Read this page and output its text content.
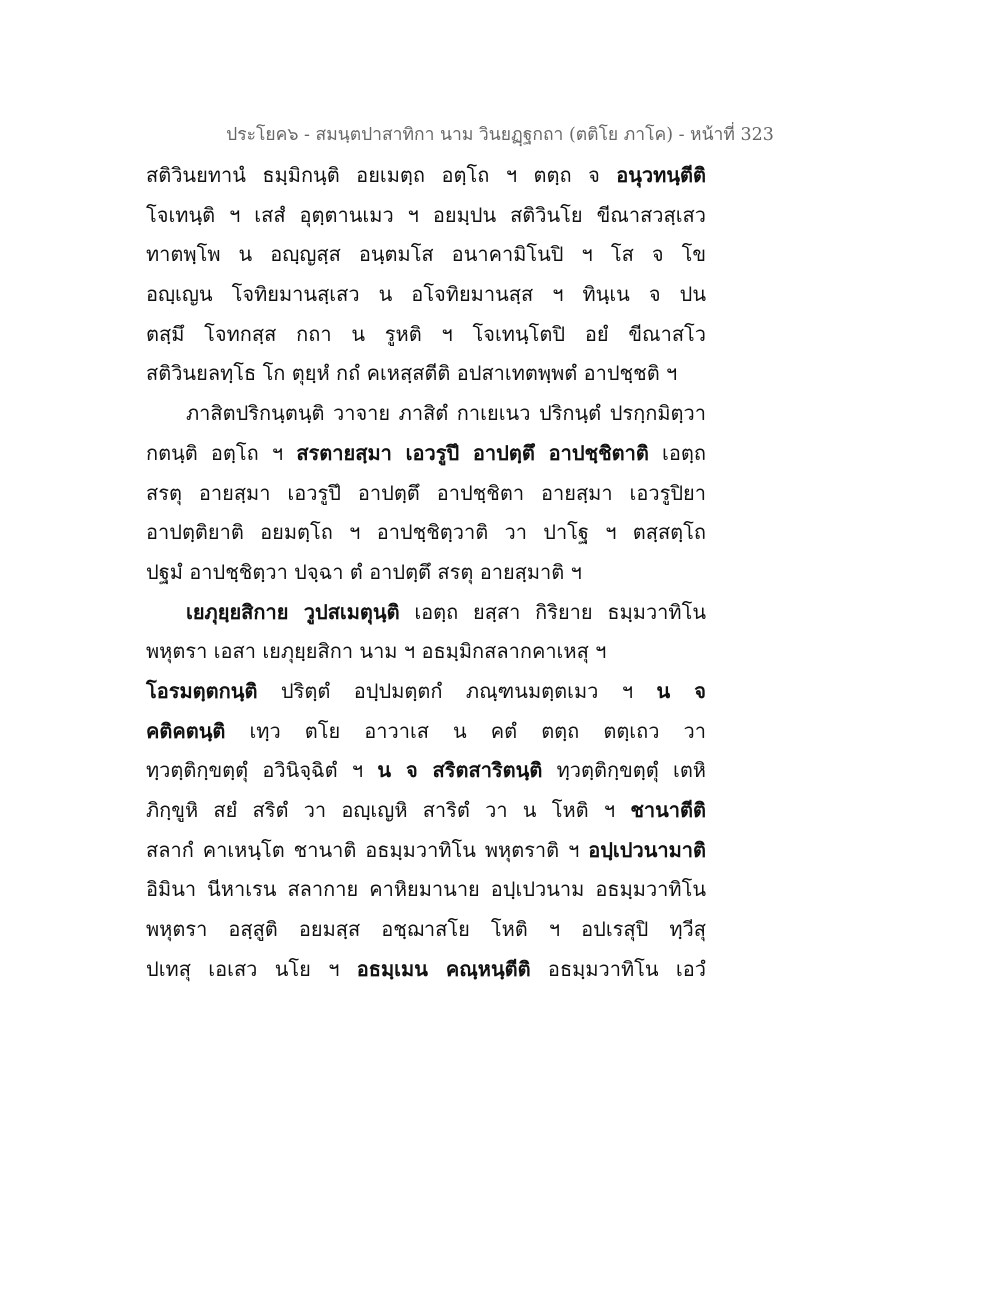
ประโยค๖ - สมนฺตปาสาทิกา นาม วินยฏฺฐกถา (ตติโย ภาโค) - หน้าที่ 323
สติวินยทานํ ธมฺมิกนฺติ อยเมตฺถ อตฺโถ ฯ ตตฺถ จ อนุวทนฺตีติ
โจเทนฺติ ฯ เสสํ อุตฺตานเมว ฯ อยมฺปน สติวินโย ขีณาสวสฺเสว
ทาตพฺโพ น อญฺญสฺส อนฺตมโส อนาคามิโนปิ ฯ โส จ โข
อญฺเญน โจทิยมานสฺเสว น อโจทิยมานสฺส ฯ ทินฺเน จ ปน
ตสฺมึ โจทกสฺส กถา น รูหติ ฯ โจเทนฺโตปิ อยํ ขีณาสโว
สติวินยลทฺโธ โก ตุยฺหํ กถํ คเหสฺสตีติ อปสาเทตพฺพตํ อาปชฺชติ ฯ
ภาสิตปริกนฺตนฺติ วาจาย ภาสิตํ กาเยเนว ปริกนฺตํ ปรกฺกมิตฺวา
กตนฺติ อตฺโถ ฯ สรตายสฺมา เอวรูปึ อาปตฺตึ อาปชฺชิตาติ เอตฺถ
สรตุ อายสฺมา เอวรูปึ อาปตฺตึ อาปชฺชิตา อายสฺมา เอวรูปิยา
อาปตฺติยาติ อยมตฺโถ ฯ อาปชฺชิตฺวาติ วา ปาโฐ ฯ ตสฺสตฺโถ
ปฐมํ อาปชฺชิตฺวา ปจฺฉา ตํ อาปตฺตึ สรตุ อายสฺมาติ ฯ
เยภุยฺยสิกาย วูปสเมตุนฺติ เอตฺถ ยสฺสา กิริยาย ธมฺมวาทิโน
พหุตรา เอสา เยภุยฺยสิกา นาม ฯ อธมฺมิกสลากคาเหสุ ฯ
โอรมตฺตกนฺติ ปริตฺตํ อปฺปมตฺตกํ ภณฺฑนมตฺตเมว ฯ น จ
คติคตนฺติ เทฺว ตโย อาวาเส น คตํ ตตฺถ ตตฺเถว วา
ทฺวตฺติกฺขตฺตุํ อวินิจฺฉิตํ ฯ น จ สริตสาริตนฺติ ทฺวตฺติกฺขตฺตุํ เตหิ
ภิกฺขูหิ สยํ สริตํ วา อญฺเญหิ สาริตํ วา น โหติ ฯ ชานาตีติ
สลากํ คาเหนฺโต ชานาติ อธมฺมวาทิโน พหุตราติ ฯ อปฺเปวนามาติ
อิมินา นีหาเรน สลากาย คาหิยมานาย อปฺเปวนาม อธมฺมวาทิโน
พหุตรา อสฺสูติ อยมสฺส อชฺฌาสโย โหติ ฯ อปเรสุปิ ทฺวีสุ
ปเทสุ เอเสว นโย ฯ อธมฺเมน คณฺหนฺตีติ อธมฺมวาทิโน เอวํ
